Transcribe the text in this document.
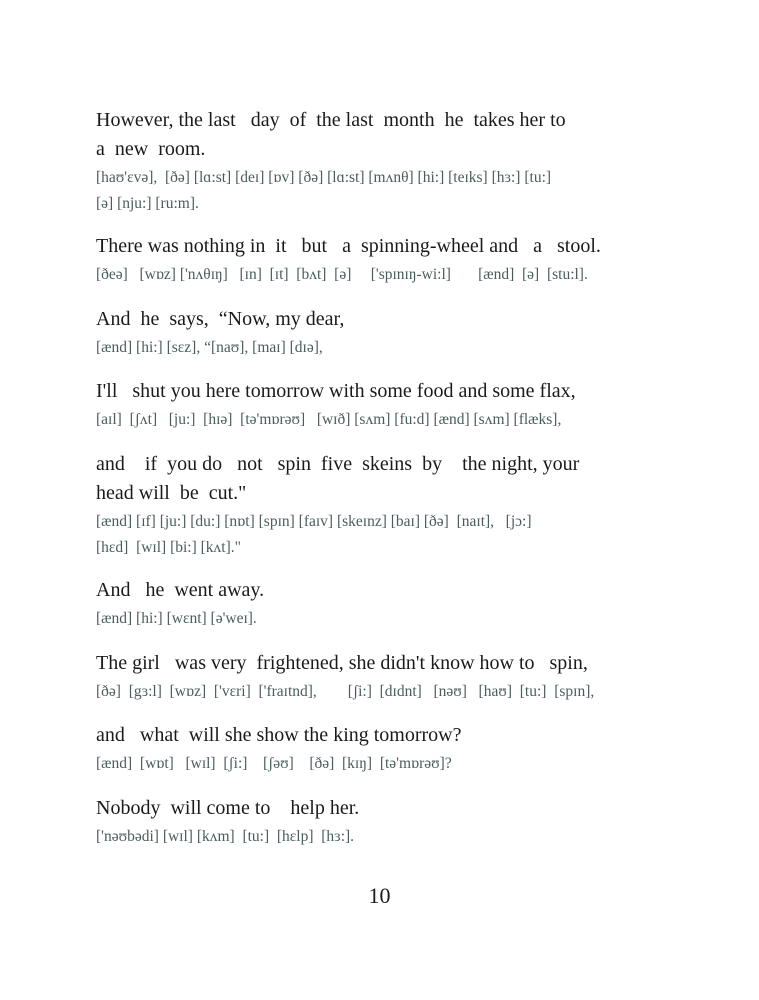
However, the last   day  of  the last  month  he  takes her to

a  new  room.

[haʊ'ɛvə],  [ðə] [lɑ:st] [deɪ] [ɒv] [ðə] [lɑ:st] [mʌnθ] [hi:] [teɪks] [hɜ:] [tu:]

[ə] [nju:] [ru:m].

There was nothing in  it   but   a  spinning-wheel and   a   stool.

[ðeə]   [wɒz] ['nʌθɪŋ]   [ɪn]  [ɪt]  [bʌt]  [ə]     ['spɪnɪŋ-wi:l]       [ænd]  [ə]  [stu:l].

And  he  says,  “Now, my dear,

[ænd] [hi:] [sɛz], “[naʊ], [maɪ] [dɪə],

I'll   shut you here tomorrow with some food and some flax,

[aɪl]  [ʃʌt]   [ju:]  [hɪə]  [tə'mɒrəʊ]   [wɪð] [sʌm] [fu:d] [ænd] [sʌm] [flæks],

and    if  you do   not   spin  five  skeins  by    the night, your

head will  be  cut."

[ænd] [ɪf] [ju:] [du:] [nɒt] [spɪn] [faɪv] [skeɪnz] [baɪ] [ðə]  [naɪt],   [jɔ:]

[hɛd]  [wɪl] [bi:] [kʌt]."

And   he  went away.

[ænd] [hi:] [wɛnt] [ə'weɪ].

The girl   was very  frightened, she didn't know how to   spin,

[ðə]  [gɜ:l]  [wɒz]  ['vɛri]  ['fraɪtnd],        [ʃi:]  [dɪdnt]   [nəʊ]   [haʊ]  [tu:]  [spɪn],

and   what  will she show the king tomorrow?

[ænd]  [wɒt]   [wɪl]  [ʃi:]    [ʃəʊ]    [ðə]  [kɪŋ]  [tə'mɒrəʊ]?

Nobody  will come to    help her.

['nəʊbədi] [wɪl] [kʌm]  [tu:]  [hɛlp]  [hɜ:].

10
